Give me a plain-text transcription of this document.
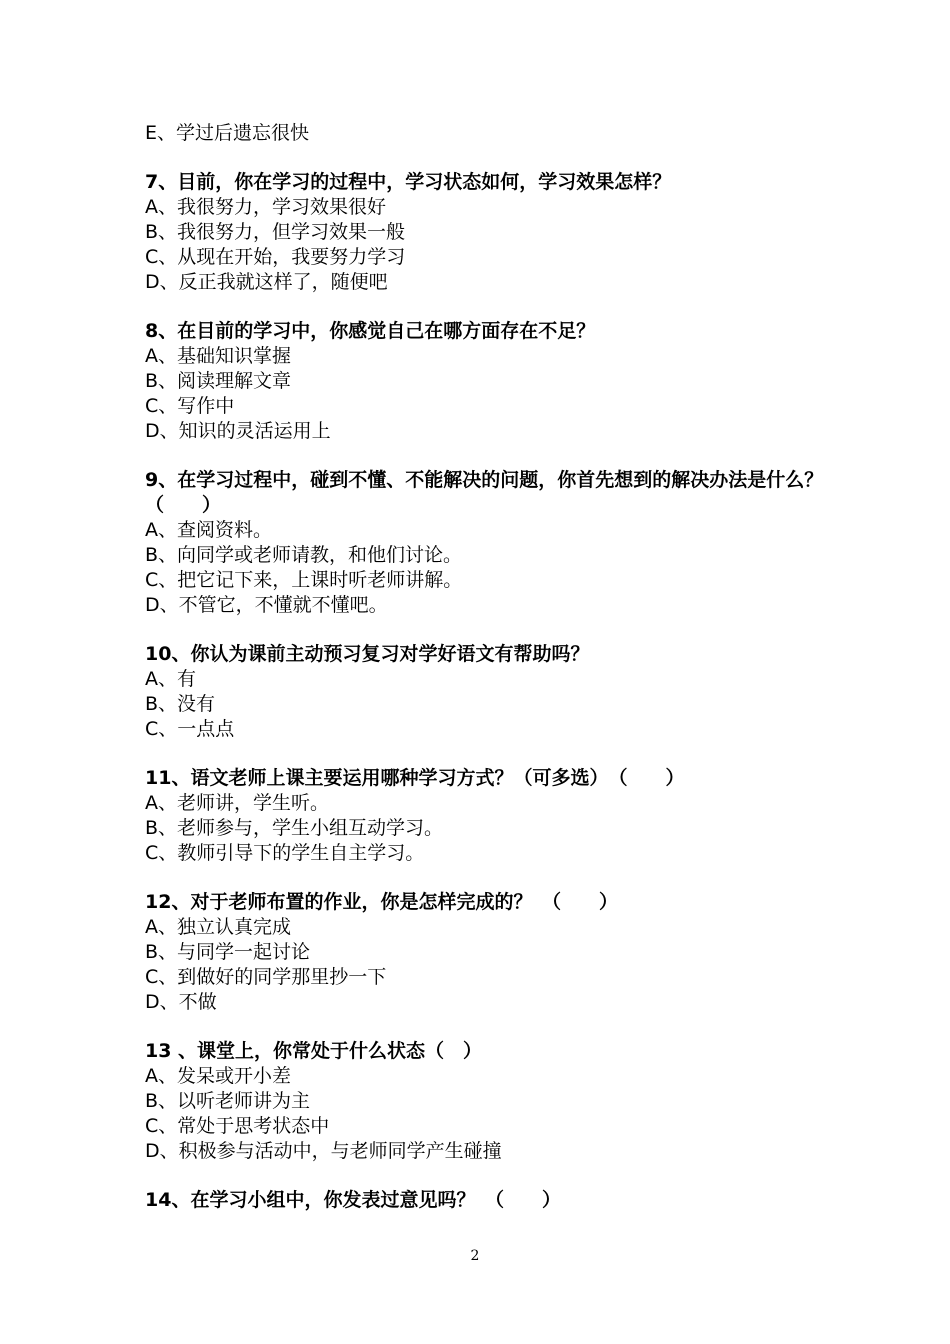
E、学过后遗忘很快
7、目前，你在学习的过程中，学习状态如何，学习效果怎样？
A、我很努力，学习效果很好
B、我很努力，但学习效果一般
C、从现在开始，我要努力学习
D、反正我就这样了，随便吧
8、在目前的学习中，你感觉自己在哪方面存在不足？
A、基础知识掌握
B、阅读理解文章
C、写作中
D、知识的灵活运用上
9、在学习过程中，碰到不懂、不能解决的问题，你首先想到的解决办法是什么？（　　）
A、查阅资料。
B、向同学或老师请教，和他们讨论。
C、把它记下来，上课时听老师讲解。
D、不管它，不懂就不懂吧。
10、你认为课前主动预习复习对学好语文有帮助吗？
A、有
B、没有
C、一点点
11、语文老师上课主要运用哪种学习方式？（可多选）　（　　）
A、老师讲，学生听。
B、老师参与，学生小组互动学习。
C、教师引导下的学生自主学习。
12、对于老师布置的作业，你是怎样完成的？　（　　）
A、独立认真完成
B、与同学一起讨论
C、到做好的同学那里抄一下
D、不做
13 、课堂上，你常处于什么状态（　）
A、发呆或开小差
B、以听老师讲为主
C、常处于思考状态中
D、积极参与活动中，与老师同学产生碰撞
14、在学习小组中，你发表过意见吗？　（　　）
2
